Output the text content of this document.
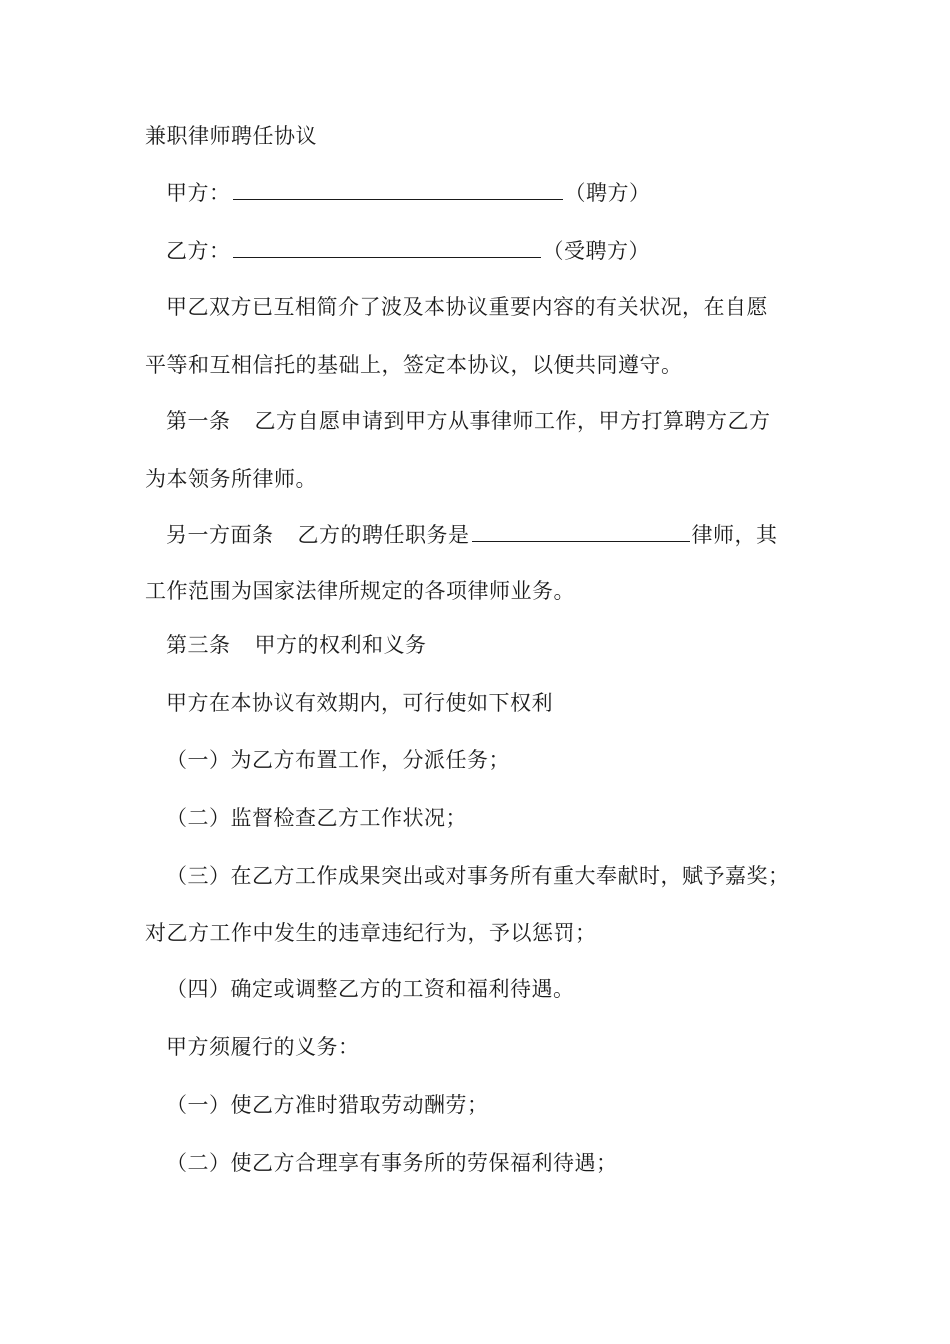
兼职律师聘任协议
甲方：	（聘方）
乙方：	（受聘方）
甲乙双方已互相简介了波及本协议重要内容的有关状况，在自愿
平等和互相信托的基础上，签定本协议，以便共同遵守。
第一条 乙方自愿申请到甲方从事律师工作，甲方打算聘方乙方
为本领务所律师。
另一方面条 乙方的聘任职务是	律师，其
工作范围为国家法律所规定的各项律师业务。
第三条 甲方的权利和义务
甲方在本协议有效期内，可行使如下权利
（一）为乙方布置工作，分派任务；
（二）监督检查乙方工作状况；
（三）在乙方工作成果突出或对事务所有重大奉献时，赋予嘉奖；
对乙方工作中发生的违章违纪行为，予以惩罚；
（四）确定或调整乙方的工资和福利待遇。
甲方须履行的义务：
（一）使乙方准时猎取劳动酬劳；
（二）使乙方合理享有事务所的劳保福利待遇；
